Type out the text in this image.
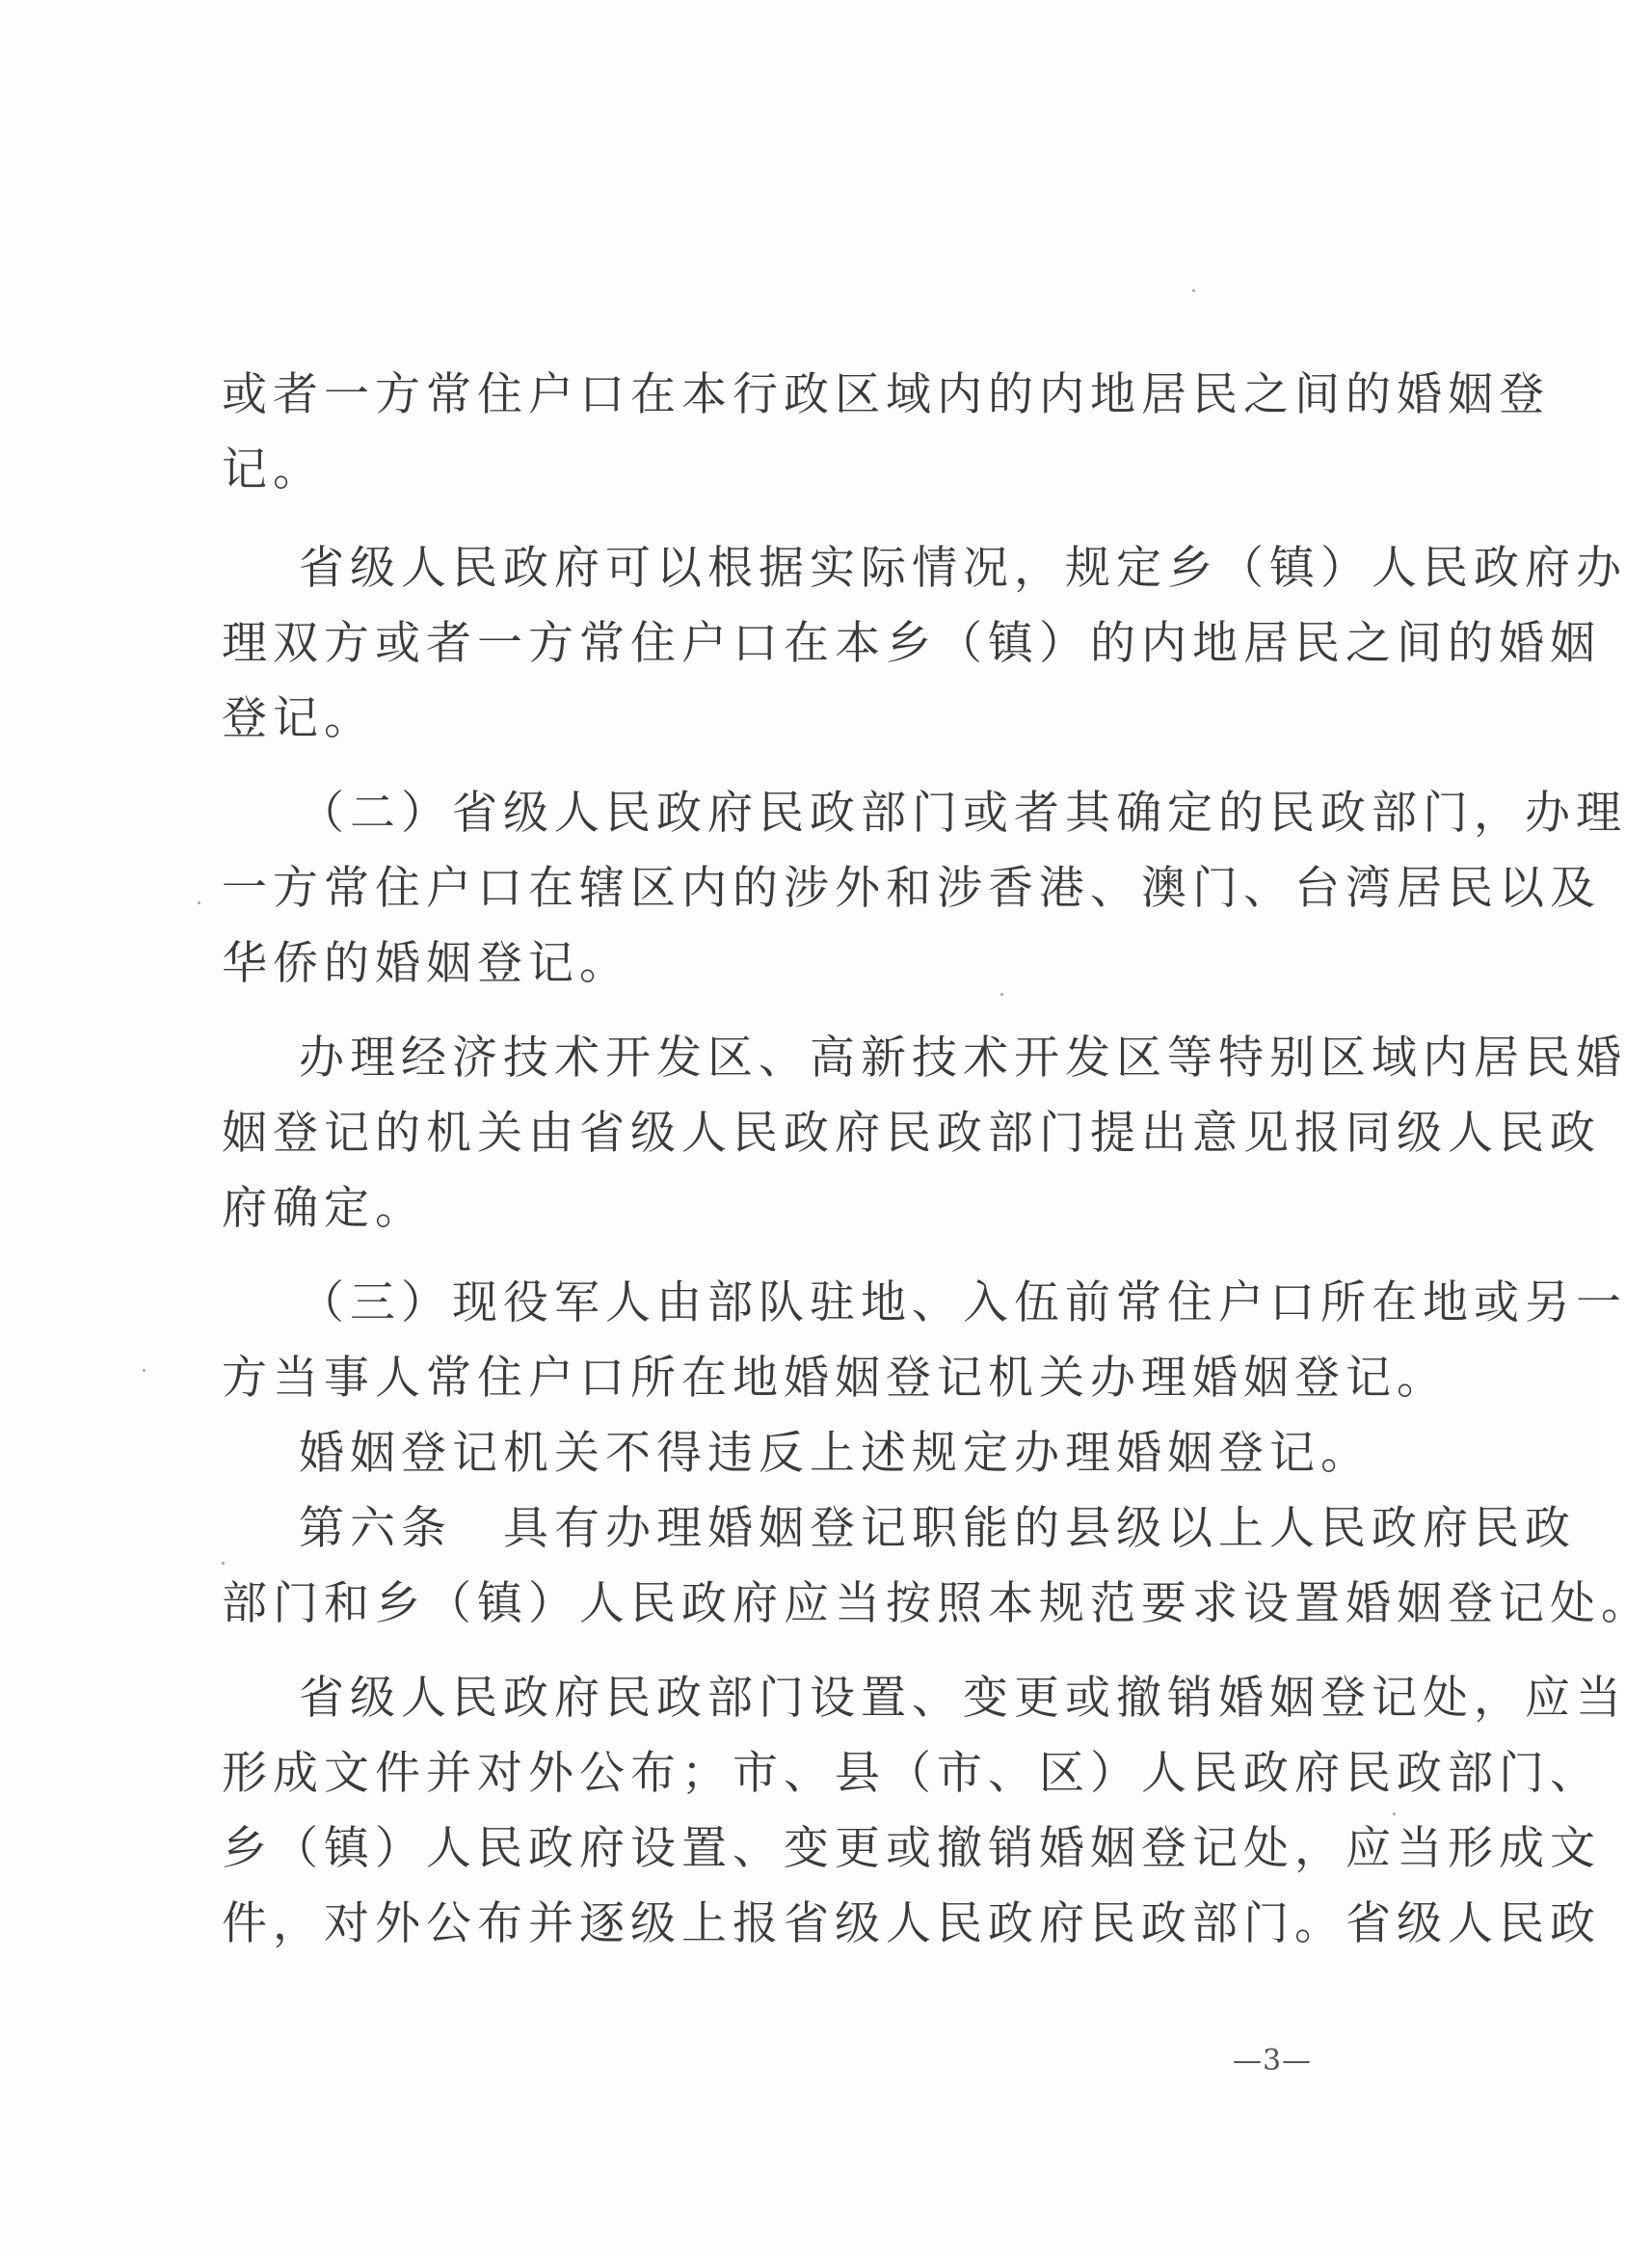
或者一方常住户口在本行政区域内的内地居民之间的婚姻登
记。
省级人民政府可以根据实际情况，规定乡（镇）人民政府办
理双方或者一方常住户口在本乡（镇）的内地居民之间的婚姻
登记。
（二）省级人民政府民政部门或者其确定的民政部门，办理
一方常住户口在辖区内的涉外和涉香港、澳门、台湾居民以及
华侨的婚姻登记。
办理经济技术开发区、高新技术开发区等特别区域内居民婚
姻登记的机关由省级人民政府民政部门提出意见报同级人民政
府确定。
（三）现役军人由部队驻地、入伍前常住户口所在地或另一
方当事人常住户口所在地婚姻登记机关办理婚姻登记。
婚姻登记机关不得违反上述规定办理婚姻登记。
第六条　具有办理婚姻登记职能的县级以上人民政府民政
部门和乡（镇）人民政府应当按照本规范要求设置婚姻登记处。
省级人民政府民政部门设置、变更或撤销婚姻登记处，应当
形成文件并对外公布；市、县（市、区）人民政府民政部门、
乡（镇）人民政府设置、变更或撤销婚姻登记处，应当形成文
件，对外公布并逐级上报省级人民政府民政部门。省级人民政
—3—
